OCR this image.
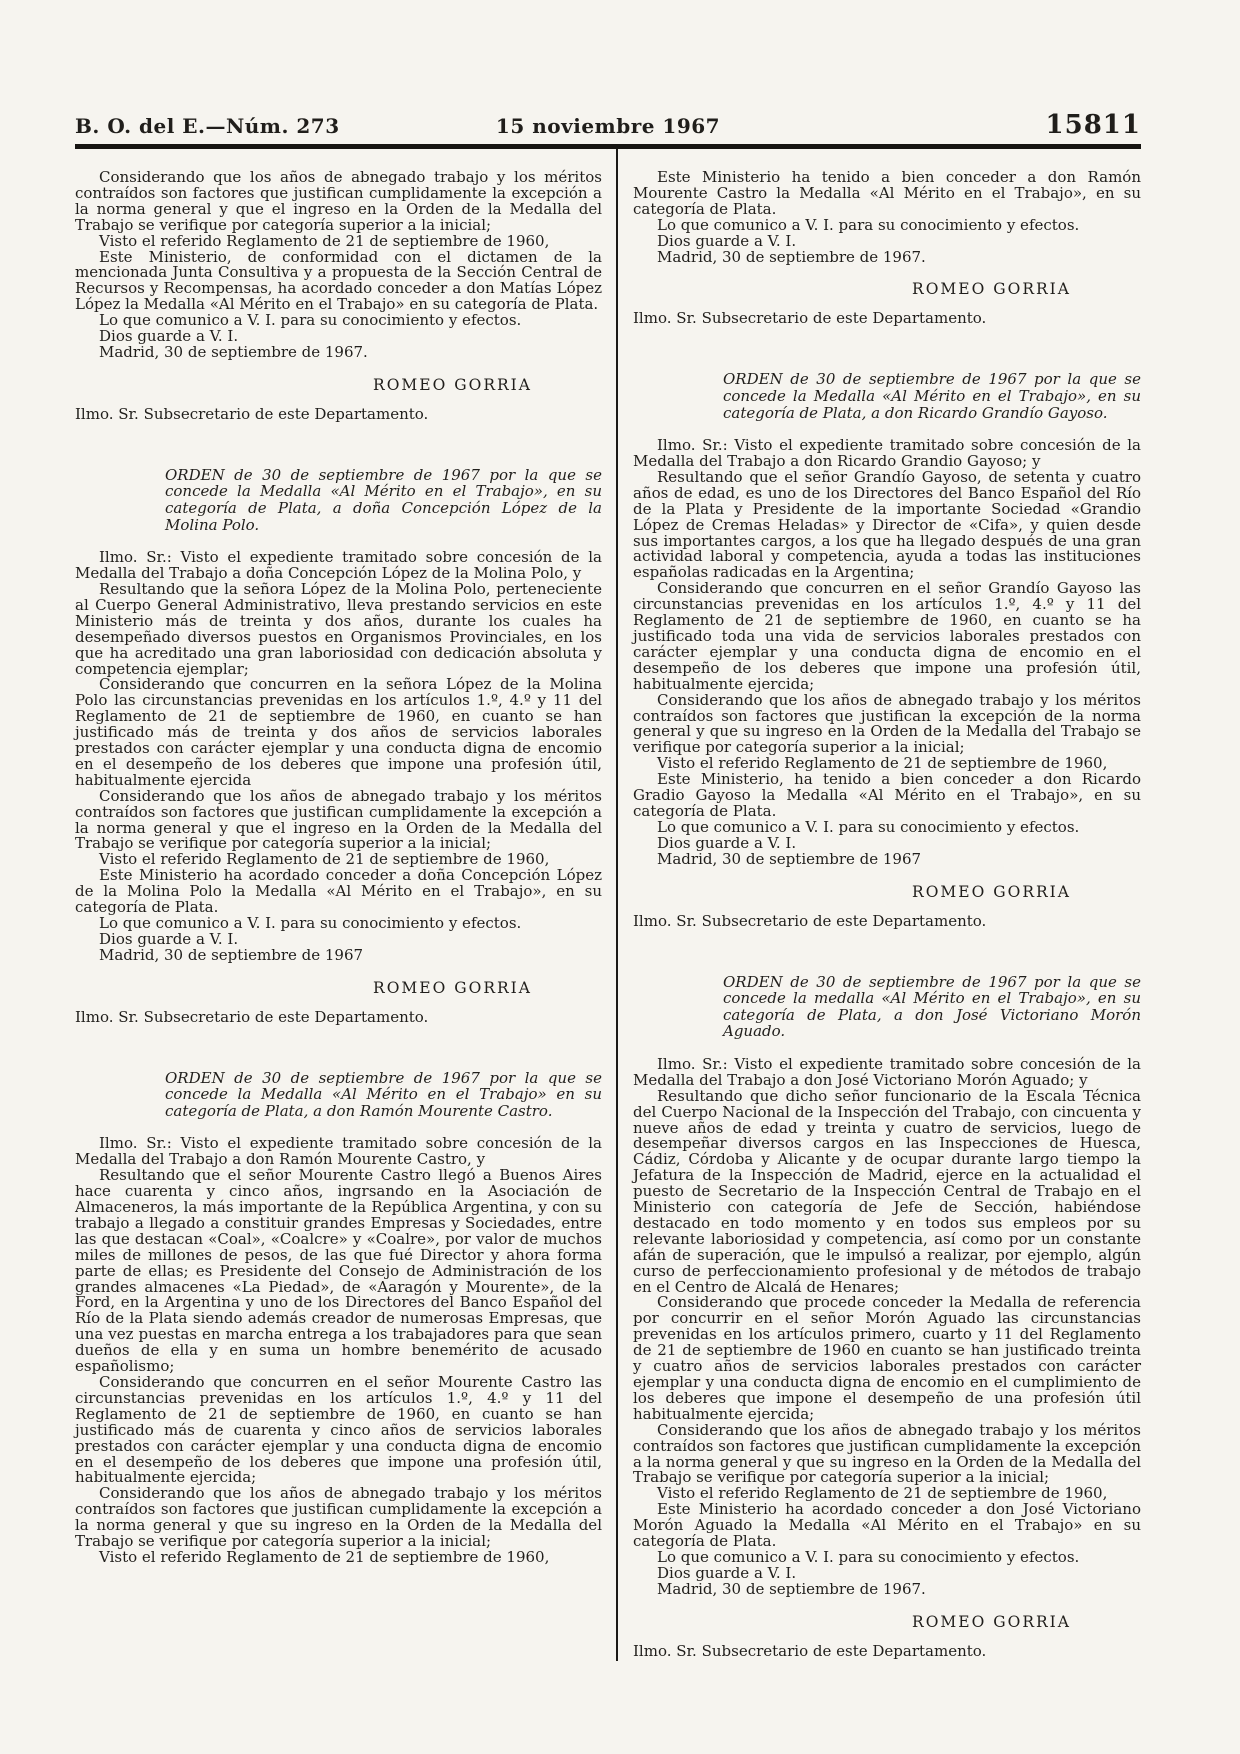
B. O. del E.—Núm. 273	15 noviembre 1967	15811

Considerando que los años de abnegado trabajo y los méritos contraídos son factores que justifican cumplidamente la excepción a la norma general y que el ingreso en la Orden de la Medalla del Trabajo se verifique por categoría superior a la inicial;

Visto el referido Reglamento de 21 de septiembre de 1960,

Este Ministerio, de conformidad con el dictamen de la mencionada Junta Consultiva y a propuesta de la Sección Central de Recursos y Recompensas, ha acordado conceder a don Matías López López la Medalla «Al Mérito en el Trabajo» en su categoría de Plata.

Lo que comunico a V. I. para su conocimiento y efectos.

Dios guarde a V. I.

Madrid, 30 de septiembre de 1967.

ROMEO GORRIA
Ilmo. Sr. Subsecretario de este Departamento.
ORDEN de 30 de septiembre de 1967 por la que se concede la Medalla «Al Mérito en el Trabajo», en su categoría de Plata, a doña Concepción López de la Molina Polo.

Ilmo. Sr.: Visto el expediente tramitado sobre concesión de la Medalla del Trabajo a doña Concepción López de la Molina Polo, y

Resultando que la señora López de la Molina Polo, perteneciente al Cuerpo General Administrativo, lleva prestando servicios en este Ministerio más de treinta y dos años, durante los cuales ha desempeñado diversos puestos en Organismos Provinciales, en los que ha acreditado una gran laboriosidad con dedicación absoluta y competencia ejemplar;

Considerando que concurren en la señora López de la Molina Polo las circunstancias prevenidas en los artículos 1.º, 4.º y 11 del Reglamento de 21 de septiembre de 1960, en cuanto se han justificado más de treinta y dos años de servicios laborales prestados con carácter ejemplar y una conducta digna de encomio en el desempeño de los deberes que impone una profesión útil, habitualmente ejercida

Considerando que los años de abnegado trabajo y los méritos contraídos son factores que justifican cumplidamente la excepción a la norma general y que el ingreso en la Orden de la Medalla del Trabajo se verifique por categoría superior a la inicial;

Visto el referido Reglamento de 21 de septiembre de 1960,

Este Ministerio ha acordado conceder a doña Concepción López de la Molina Polo la Medalla «Al Mérito en el Trabajo», en su categoría de Plata.

Lo que comunico a V. I. para su conocimiento y efectos.

Dios guarde a V. I.

Madrid, 30 de septiembre de 1967

ROMEO GORRIA
Ilmo. Sr. Subsecretario de este Departamento.
ORDEN de 30 de septiembre de 1967 por la que se concede la Medalla «Al Mérito en el Trabajo» en su categoría de Plata, a don Ramón Mourente Castro.

Ilmo. Sr.: Visto el expediente tramitado sobre concesión de la Medalla del Trabajo a don Ramón Mourente Castro, y

Resultando que el señor Mourente Castro llegó a Buenos Aires hace cuarenta y cinco años, ingrsando en la Asociación de Almaceneros, la más importante de la República Argentina, y con su trabajo a llegado a constituir grandes Empresas y Sociedades, entre las que destacan «Coal», «Coalcre» y «Coalre», por valor de muchos miles de millones de pesos, de las que fué Director y ahora forma parte de ellas; es Presidente del Consejo de Administración de los grandes almacenes «La Piedad», de «Aaragón y Mourente», de la Ford, en la Argentina y uno de los Directores del Banco Español del Río de la Plata siendo además creador de numerosas Empresas, que una vez puestas en marcha entrega a los trabajadores para que sean dueños de ella y en suma un hombre benemérito de acusado españolismo;

Considerando que concurren en el señor Mourente Castro las circunstancias prevenidas en los artículos 1.º, 4.º y 11 del Reglamento de 21 de septiembre de 1960, en cuanto se han justificado más de cuarenta y cinco años de servicios laborales prestados con carácter ejemplar y una conducta digna de encomio en el desempeño de los deberes que impone una profesión útil, habitualmente ejercida;

Considerando que los años de abnegado trabajo y los méritos contraídos son factores que justifican cumplidamente la excepción a la norma general y que su ingreso en la Orden de la Medalla del Trabajo se verifique por categoría superior a la inicial;

Visto el referido Reglamento de 21 de septiembre de 1960,

Este Ministerio ha tenido a bien conceder a don Ramón Mourente Castro la Medalla «Al Mérito en el Trabajo», en su categoría de Plata.

Lo que comunico a V. I. para su conocimiento y efectos.

Dios guarde a V. I.

Madrid, 30 de septiembre de 1967.

ROMEO GORRIA
Ilmo. Sr. Subsecretario de este Departamento.
ORDEN de 30 de septiembre de 1967 por la que se concede la Medalla «Al Mérito en el Trabajo», en su categoría de Plata, a don Ricardo Grandío Gayoso.

Ilmo. Sr.: Visto el expediente tramitado sobre concesión de la Medalla del Trabajo a don Ricardo Grandio Gayoso; y

Resultando que el señor Grandío Gayoso, de setenta y cuatro años de edad, es uno de los Directores del Banco Español del Río de la Plata y Presidente de la importante Sociedad «Grandio López de Cremas Heladas» y Director de «Cifa», y quien desde sus importantes cargos, a los que ha llegado después de una gran actividad laboral y competencia, ayuda a todas las instituciones españolas radicadas en la Argentina;

Considerando que concurren en el señor Grandío Gayoso las circunstancias prevenidas en los artículos 1.º, 4.º y 11 del Reglamento de 21 de septiembre de 1960, en cuanto se ha justificado toda una vida de servicios laborales prestados con carácter ejemplar y una conducta digna de encomio en el desempeño de los deberes que impone una profesión útil, habitualmente ejercida;

Considerando que los años de abnegado trabajo y los méritos contraídos son factores que justifican la excepción de la norma general y que su ingreso en la Orden de la Medalla del Trabajo se verifique por categoría superior a la inicial;

Visto el referido Reglamento de 21 de septiembre de 1960,

Este Ministerio, ha tenido a bien conceder a don Ricardo Gradio Gayoso la Medalla «Al Mérito en el Trabajo», en su categoría de Plata.

Lo que comunico a V. I. para su conocimiento y efectos.

Dios guarde a V. I.

Madrid, 30 de septiembre de 1967

ROMEO GORRIA
Ilmo. Sr. Subsecretario de este Departamento.
ORDEN de 30 de septiembre de 1967 por la que se concede la medalla «Al Mérito en el Trabajo», en su categoría de Plata, a don José Victoriano Morón Aguado.

Ilmo. Sr.: Visto el expediente tramitado sobre concesión de la Medalla del Trabajo a don José Victoriano Morón Aguado; y

Resultando que dicho señor funcionario de la Escala Técnica del Cuerpo Nacional de la Inspección del Trabajo, con cincuenta y nueve años de edad y treinta y cuatro de servicios, luego de desempeñar diversos cargos en las Inspecciones de Huesca, Cádiz, Córdoba y Alicante y de ocupar durante largo tiempo la Jefatura de la Inspección de Madrid, ejerce en la actualidad el puesto de Secretario de la Inspección Central de Trabajo en el Ministerio con categoría de Jefe de Sección, habiéndose destacado en todo momento y en todos sus empleos por su relevante laboriosidad y competencia, así como por un constante afán de superación, que le impulsó a realizar, por ejemplo, algún curso de perfeccionamiento profesional y de métodos de trabajo en el Centro de Alcalá de Henares;

Considerando que procede conceder la Medalla de referencia por concurrir en el señor Morón Aguado las circunstancias prevenidas en los artículos primero, cuarto y 11 del Reglamento de 21 de septiembre de 1960 en cuanto se han justificado treinta y cuatro años de servicios laborales prestados con carácter ejemplar y una conducta digna de encomio en el cumplimiento de los deberes que impone el desempeño de una profesión útil habitualmente ejercida;

Considerando que los años de abnegado trabajo y los méritos contraídos son factores que justifican cumplidamente la excepción a la norma general y que su ingreso en la Orden de la Medalla del Trabajo se verifique por categoría superior a la inicial;

Visto el referido Reglamento de 21 de septiembre de 1960,

Este Ministerio ha acordado conceder a don José Victoriano Morón Aguado la Medalla «Al Mérito en el Trabajo» en su categoría de Plata.

Lo que comunico a V. I. para su conocimiento y efectos.

Dios guarde a V. I.

Madrid, 30 de septiembre de 1967.

ROMEO GORRIA
Ilmo. Sr. Subsecretario de este Departamento.
